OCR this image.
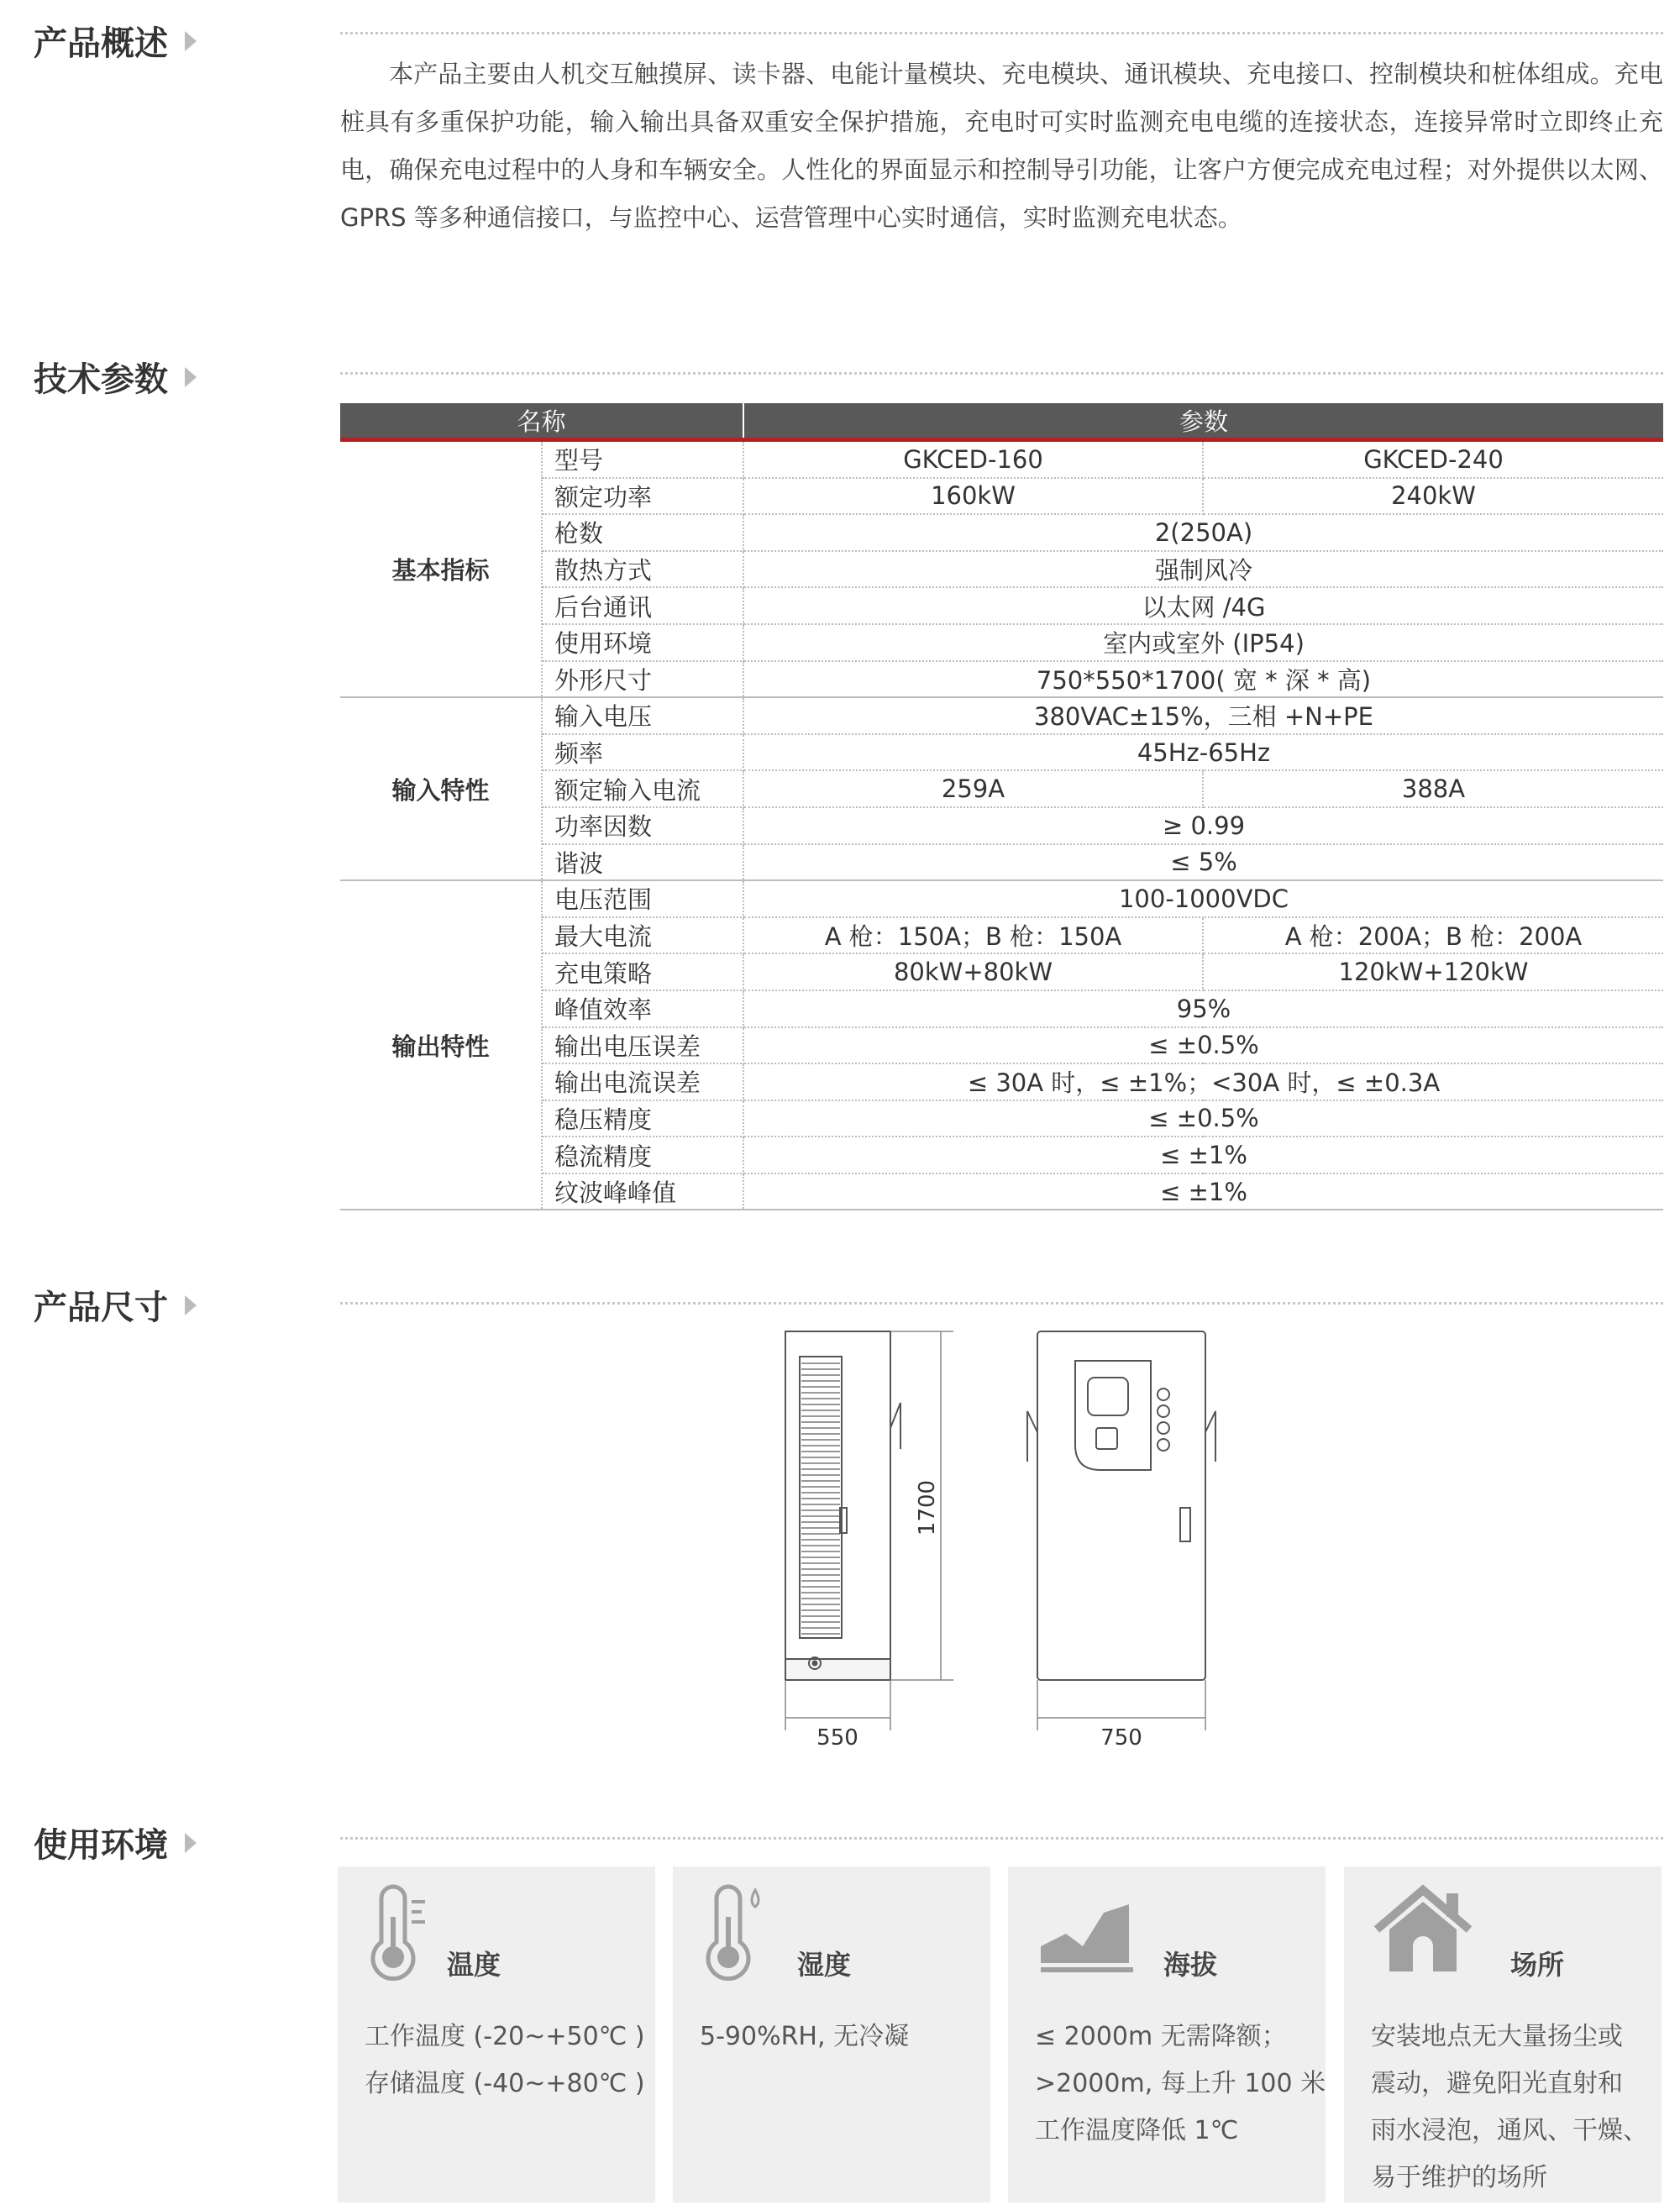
产品概述

本产品主要由人机交互触摸屏、读卡器、电能计量模块、充电模块、通讯模块、充电接口、控制模块和桩体组成。充电桩具有多重保护功能，输入输出具备双重安全保护措施，充电时可实时监测充电电缆的连接状态，连接异常时立即终止充电，确保充电过程中的人身和车辆安全。人性化的界面显示和控制导引功能，让客户方便完成充电过程；对外提供以太网、GPRS 等多种通信接口，与监控中心、运营管理中心实时通信，实时监测充电状态。

技术参数
名称		参数	
基本指标	型号	GKCED-160	GKCED-240
	额定功率	160kW	240kW
	枪数	2(250A)	
	散热方式	强制风冷	
	后台通讯	以太网 /4G	
	使用环境	室内或室外 (IP54)	
	外形尺寸	750*550*1700( 宽 * 深 * 高)	
输入特性	输入电压	380VAC±15%，三相 +N+PE	
	频率	45Hz-65Hz	
	额定输入电流	259A	388A
	功率因数	≥ 0.99	
	谐波	≤ 5%	
输出特性	电压范围	100-1000VDC	
	最大电流	A 枪：150A；B 枪：150A	A 枪：200A；B 枪：200A
	充电策略	80kW+80kW	120kW+120kW
	峰值效率	95%	
	输出电压误差	≤ ±0.5%	
	输出电流误差	≤ 30A 时，≤ ±1%；<30A 时，≤ ±0.3A	
	稳压精度	≤ ±0.5%	
	稳流精度	≤ ±1%	
	纹波峰峰值	≤ ±1%	
产品尺寸
1700
550	750
使用环境
温度
工作温度 (-20~+50℃ )
存储温度 (-40~+80℃ )
湿度
5-90%RH, 无冷凝
海拔
≤ 2000m 无需降额；
>2000m, 每上升 100 米
工作温度降低 1℃
场所
安装地点无大量扬尘或
震动，避免阳光直射和
雨水浸泡，通风、干燥、
易于维护的场所
